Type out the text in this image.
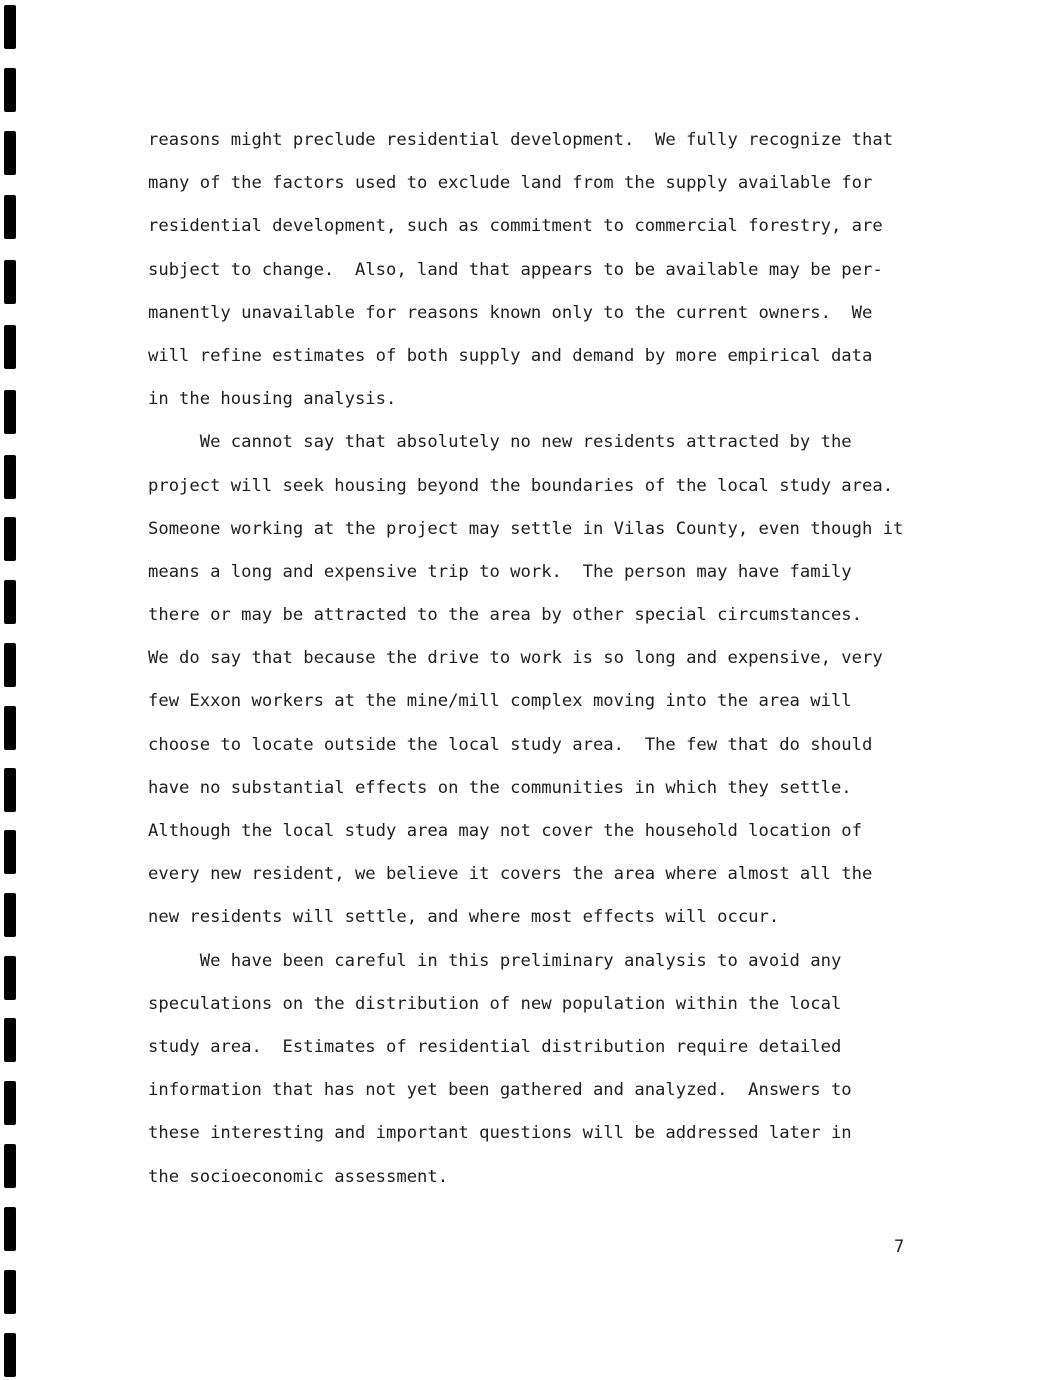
reasons might preclude residential development.  We fully recognize that
many of the factors used to exclude land from the supply available for
residential development, such as commitment to commercial forestry, are
subject to change.  Also, land that appears to be available may be per-
manently unavailable for reasons known only to the current owners.  We
will refine estimates of both supply and demand by more empirical data
in the housing analysis.
We cannot say that absolutely no new residents attracted by the
project will seek housing beyond the boundaries of the local study area.
Someone working at the project may settle in Vilas County, even though it
means a long and expensive trip to work.  The person may have family
there or may be attracted to the area by other special circumstances.
We do say that because the drive to work is so long and expensive, very
few Exxon workers at the mine/mill complex moving into the area will
choose to locate outside the local study area.  The few that do should
have no substantial effects on the communities in which they settle.
Although the local study area may not cover the household location of
every new resident, we believe it covers the area where almost all the
new residents will settle, and where most effects will occur.
We have been careful in this preliminary analysis to avoid any
speculations on the distribution of new population within the local
study area.  Estimates of residential distribution require detailed
information that has not yet been gathered and analyzed.  Answers to
these interesting and important questions will be addressed later in
the socioeconomic assessment.
7
